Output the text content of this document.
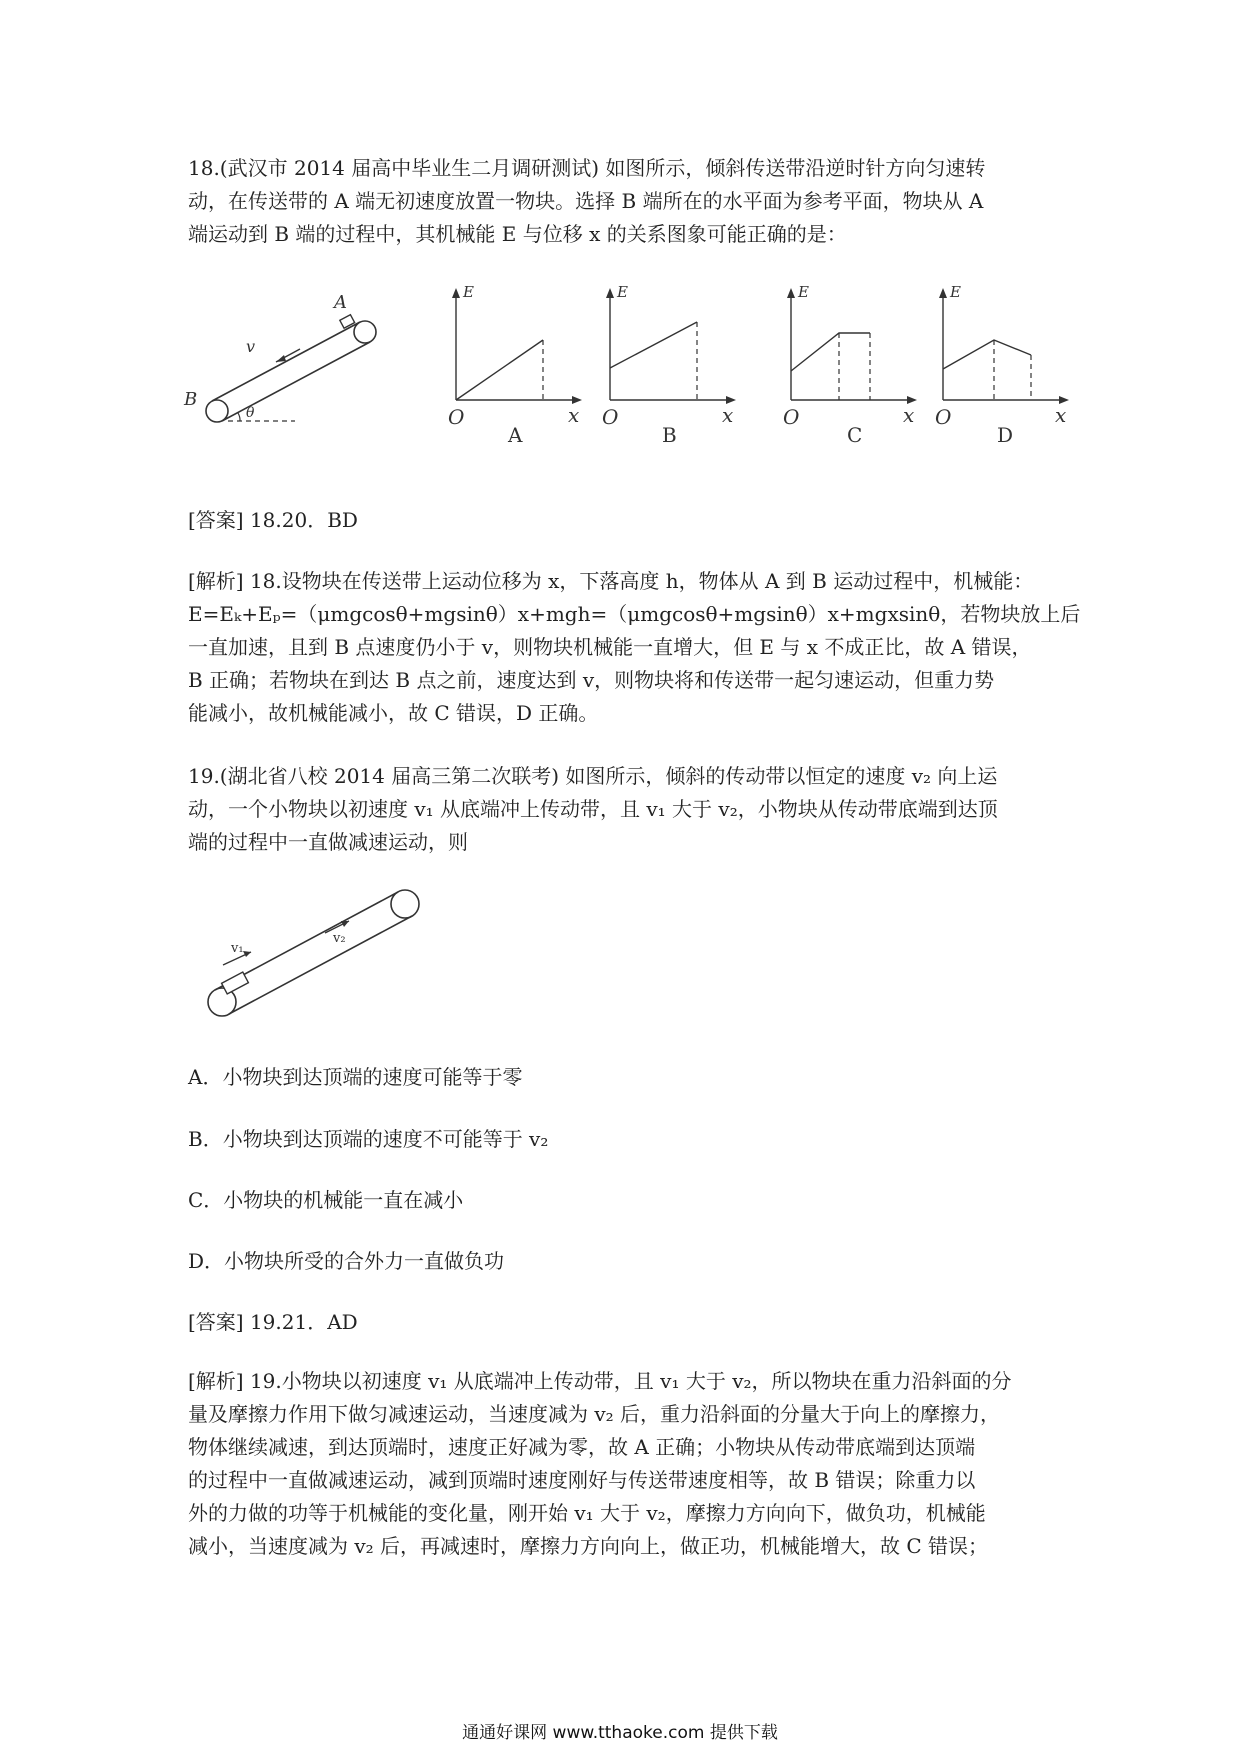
18.(武汉市 2014 届高中毕业生二月调研测试) 如图所示，倾斜传送带沿逆时针方向匀速转
动，在传送带的 A 端无初速度放置一物块。选择 B 端所在的水平面为参考平面，物块从 A
端运动到 B 端的过程中，其机械能 E 与位移 x 的关系图象可能正确的是：
A
B
v
θ
E
O	x
A
E
O	x
B
E
O	x
C
E
O	x
D
[答案] 18.20．BD
[解析] 18.设物块在传送带上运动位移为 x，下落高度 h，物体从 A 到 B 运动过程中，机械能：
E=Eₖ+Eₚ=（μmgcosθ+mgsinθ）x+mgh=（μmgcosθ+mgsinθ）x+mgxsinθ，若物块放上后
一直加速，且到 B 点速度仍小于 v，则物块机械能一直增大，但 E 与 x 不成正比，故 A 错误，
B 正确；若物块在到达 B 点之前，速度达到 v，则物块将和传送带一起匀速运动，但重力势
能减小，故机械能减小，故 C 错误，D 正确。
19.(湖北省八校 2014 届高三第二次联考) 如图所示，倾斜的传动带以恒定的速度 v₂ 向上运
动，一个小物块以初速度 v₁ 从底端冲上传动带，且 v₁ 大于 v₂，小物块从传动带底端到达顶
端的过程中一直做减速运动，则
v₁
v₂
A．小物块到达顶端的速度可能等于零
B．小物块到达顶端的速度不可能等于 v₂
C．小物块的机械能一直在减小
D．小物块所受的合外力一直做负功
[答案] 19.21．AD
[解析] 19.小物块以初速度 v₁ 从底端冲上传动带，且 v₁ 大于 v₂，所以物块在重力沿斜面的分
量及摩擦力作用下做匀减速运动，当速度减为 v₂ 后，重力沿斜面的分量大于向上的摩擦力，
物体继续减速，到达顶端时，速度正好减为零，故 A 正确；小物块从传动带底端到达顶端
的过程中一直做减速运动，减到顶端时速度刚好与传送带速度相等，故 B 错误；除重力以
外的力做的功等于机械能的变化量，刚开始 v₁ 大于 v₂，摩擦力方向向下，做负功，机械能
减小，当速度减为 v₂ 后，再减速时，摩擦力方向向上，做正功，机械能增大，故 C 错误；
通通好课网 www.tthaoke.com 提供下载
